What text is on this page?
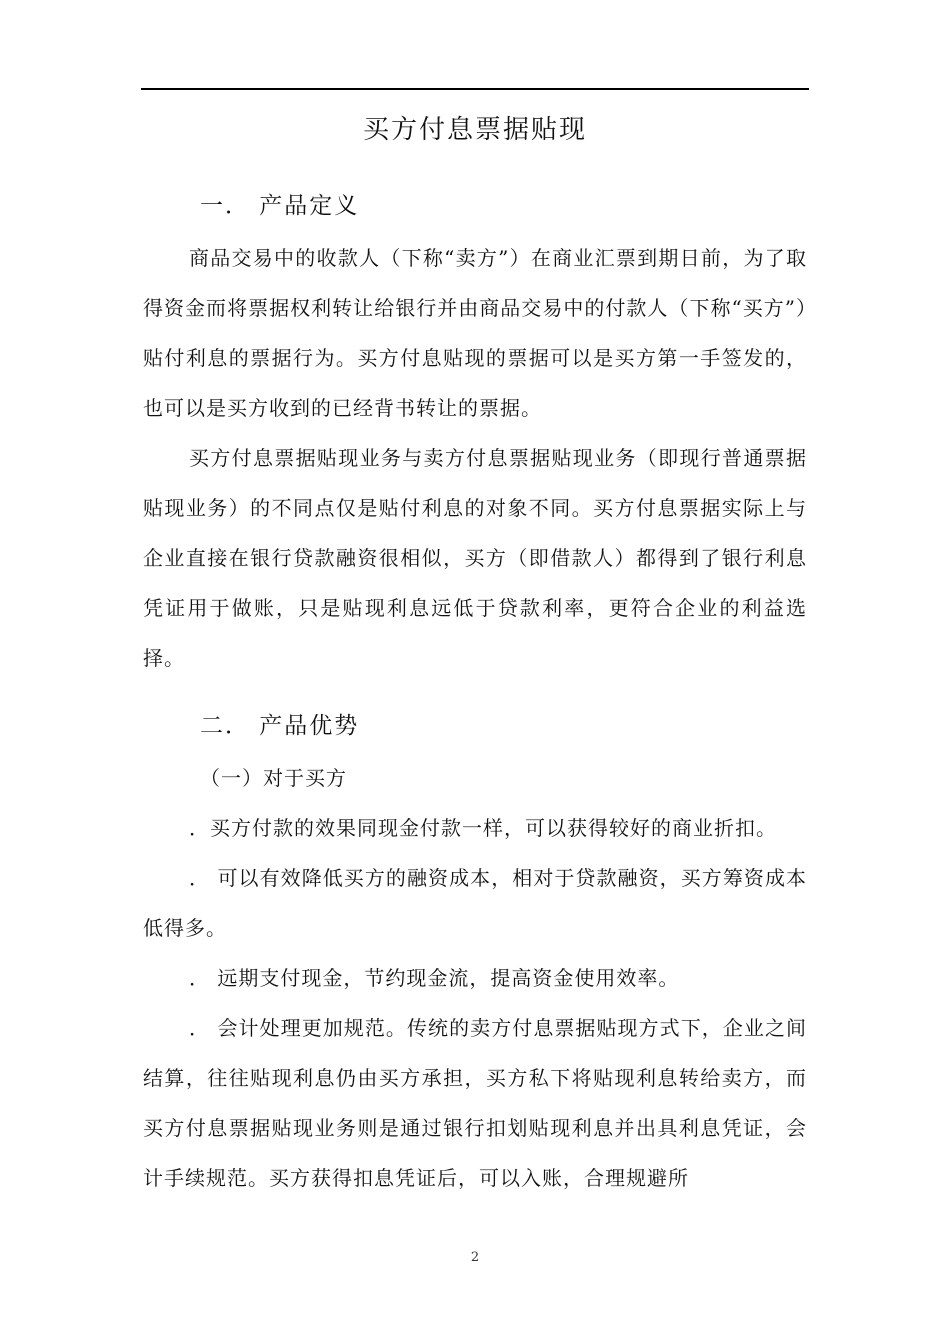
买方付息票据贴现
一． 产品定义

商品交易中的收款人（下称“卖方”）在商业汇票到期日前，为了取得资金而将票据权利转让给银行并由商品交易中的付款人（下称“买方”）贴付利息的票据行为。买方付息贴现的票据可以是买方第一手签发的，也可以是买方收到的已经背书转让的票据。

买方付息票据贴现业务与卖方付息票据贴现业务（即现行普通票据贴现业务）的不同点仅是贴付利息的对象不同。买方付息票据实际上与企业直接在银行贷款融资很相似，买方（即借款人）都得到了银行利息凭证用于做账，只是贴现利息远低于贷款利率，更符合企业的利益选择。

二． 产品优势
（一）对于买方

．买方付款的效果同现金付款一样，可以获得较好的商业折扣。

． 可以有效降低买方的融资成本，相对于贷款融资，买方筹资成本低得多。

． 远期支付现金，节约现金流，提高资金使用效率。

． 会计处理更加规范。传统的卖方付息票据贴现方式下，企业之间结算，往往贴现利息仍由买方承担，买方私下将贴现利息转给卖方，而买方付息票据贴现业务则是通过银行扣划贴现利息并出具利息凭证，会计手续规范。买方获得扣息凭证后，可以入账，合理规避所

2
